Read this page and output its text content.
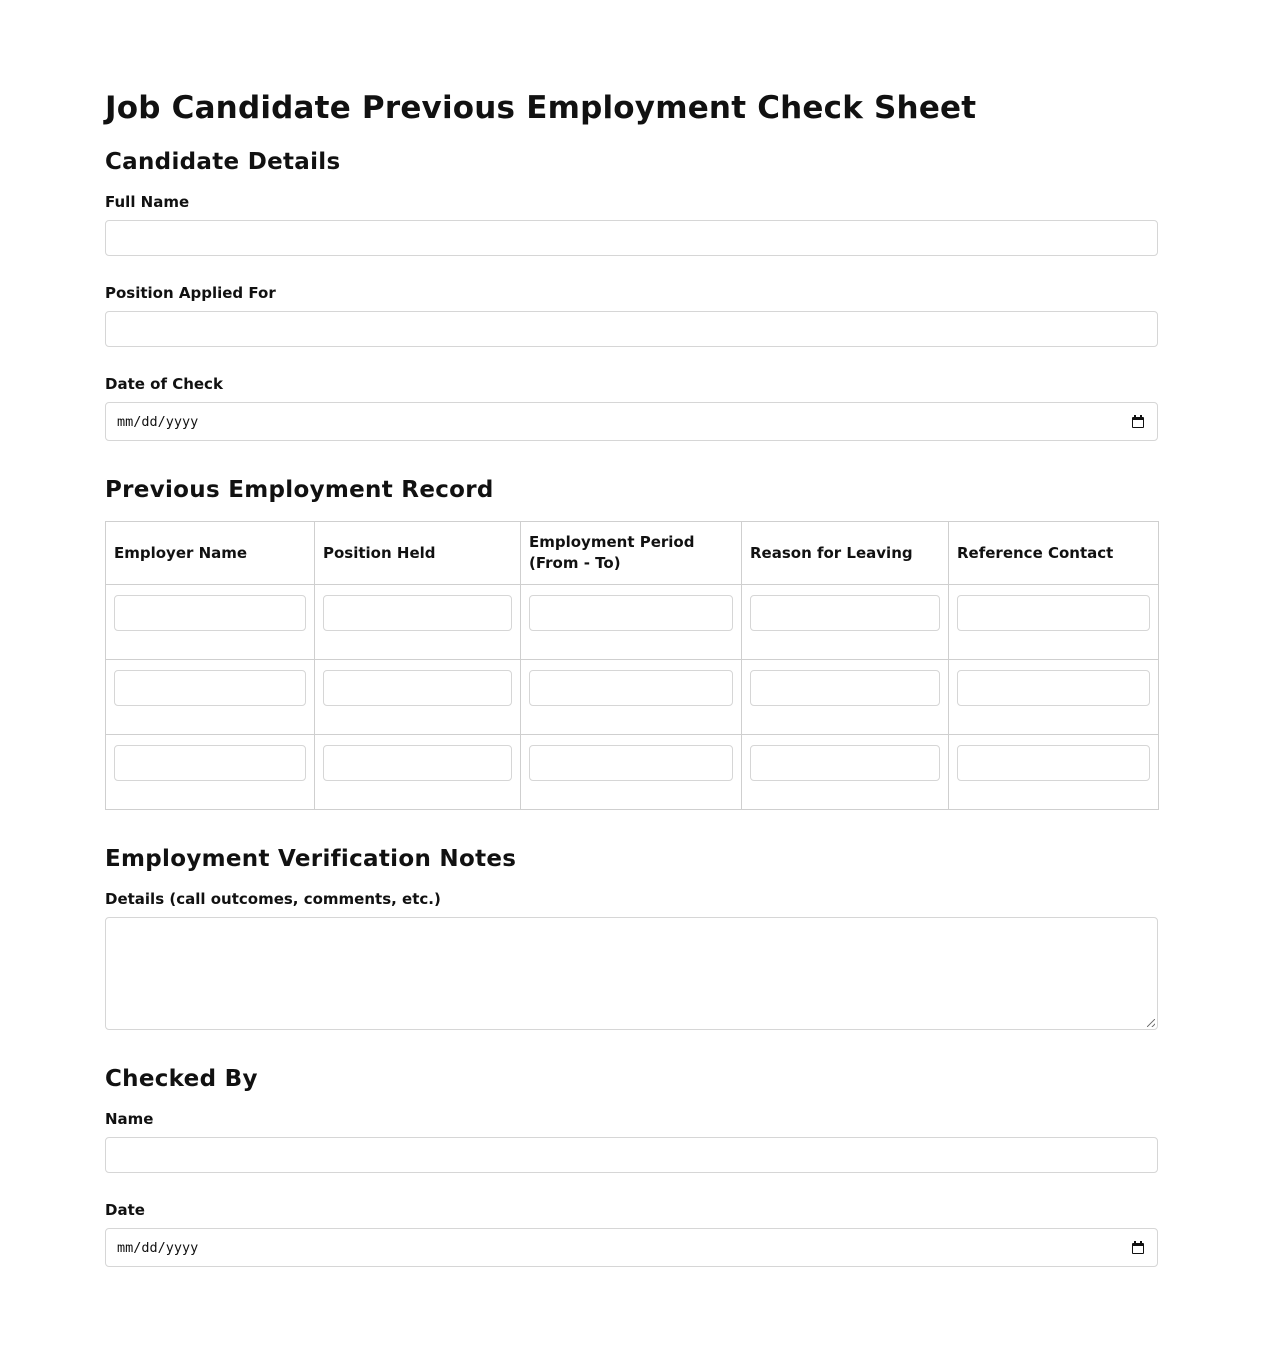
Job Candidate Previous Employment Check Sheet
Candidate Details
Full Name
Position Applied For
Date of Check
mm/dd/yyyy
Previous Employment Record
Employer Name	Position Held	Employment Period (From - To)	Reason for Leaving	Reference Contact

Employment Verification Notes
Details (call outcomes, comments, etc.)
Checked By
Name
Date
mm/dd/yyyy
